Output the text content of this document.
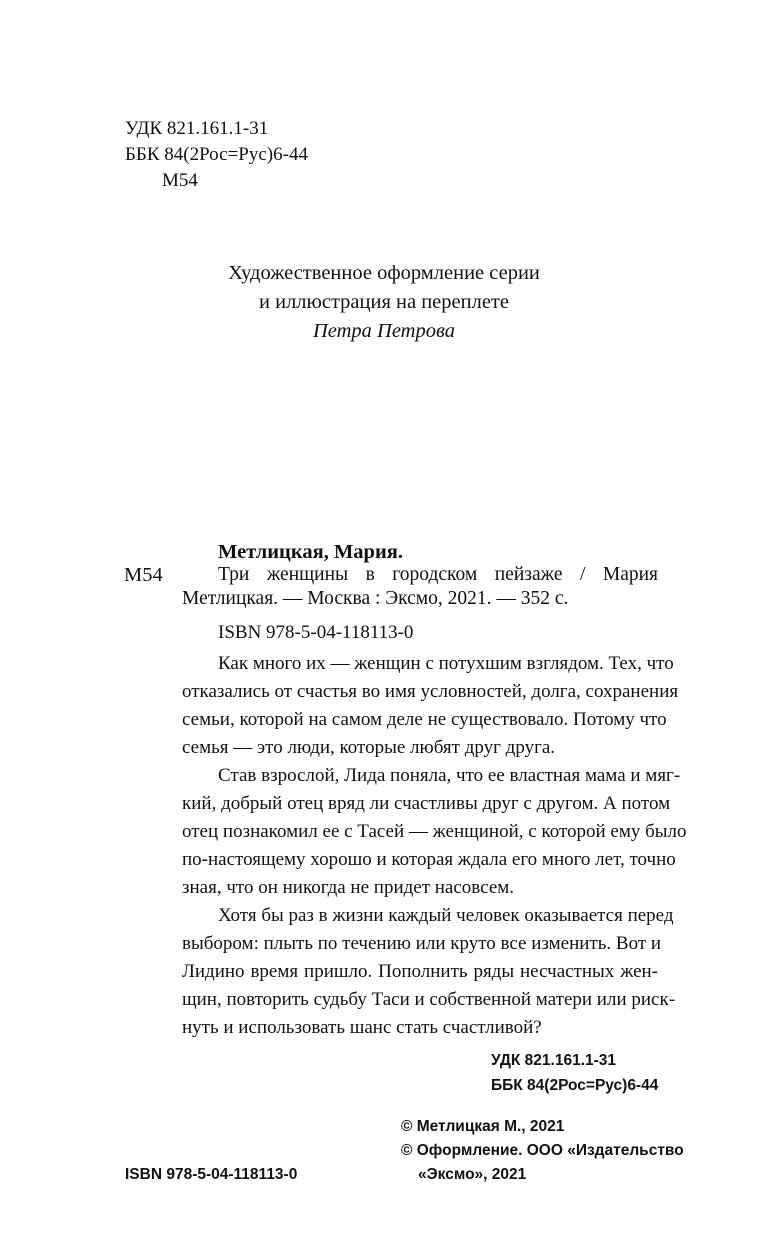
УДК 821.161.1-31
ББК 84(2Рос=Рус)6-44
М54
Художественное оформление серии
и иллюстрация на переплете
Петра Петрова
Метлицкая, Мария.
М54	Три женщины в городском пейзаже / Мария
Метлицкая. — Москва : Эксмо, 2021. — 352 с.
ISBN 978-5-04-118113-0
Как много их — женщин с потухшим взглядом. Тех, что
отказались от счастья во имя условностей, долга, сохранения
семьи, которой на самом деле не существовало. Потому что
семья — это люди, которые любят друг друга.
Став взрослой, Лида поняла, что ее властная мама и мяг-
кий, добрый отец вряд ли счастливы друг с другом. А потом
отец познакомил ее с Тасей — женщиной, с которой ему было
по-настоящему хорошо и которая ждала его много лет, точно
зная, что он никогда не придет насовсем.
Хотя бы раз в жизни каждый человек оказывается перед
выбором: плыть по течению или круто все изменить. Вот и
Лидино время пришло. Пополнить ряды несчастных жен-
щин, повторить судьбу Таси и собственной матери или риск-
нуть и использовать шанс стать счастливой?
УДК 821.161.1-31
ББК 84(2Рос=Рус)6-44
© Метлицкая М., 2021
© Оформление. ООО «Издательство
«Эксмо», 2021
ISBN 978-5-04-118113-0
